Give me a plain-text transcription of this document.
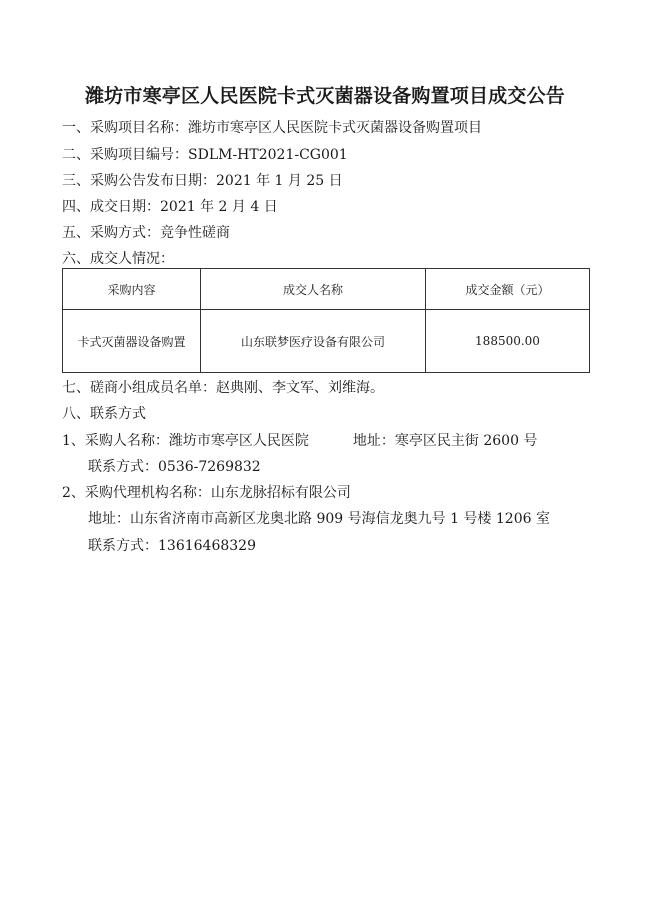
潍坊市寒亭区人民医院卡式灭菌器设备购置项目成交公告
一、采购项目名称：潍坊市寒亭区人民医院卡式灭菌器设备购置项目
二、采购项目编号：SDLM-HT2021-CG001
三、采购公告发布日期：2021 年 1 月 25 日
四、成交日期：2021 年 2 月 4 日
五、采购方式：竞争性磋商
六、成交人情况：
采购内容	成交人名称	成交金额（元）
卡式灭菌器设备购置	山东联梦医疗设备有限公司	188500.00
七、磋商小组成员名单：赵典刚、李文军、刘维海。
八、联系方式
1、采购人名称：潍坊市寒亭区人民医院	地址：寒亭区民主街 2600 号
联系方式：0536-7269832
2、采购代理机构名称：山东龙脉招标有限公司
地址：山东省济南市高新区龙奥北路 909 号海信龙奥九号 1 号楼 1206 室
联系方式：13616468329
